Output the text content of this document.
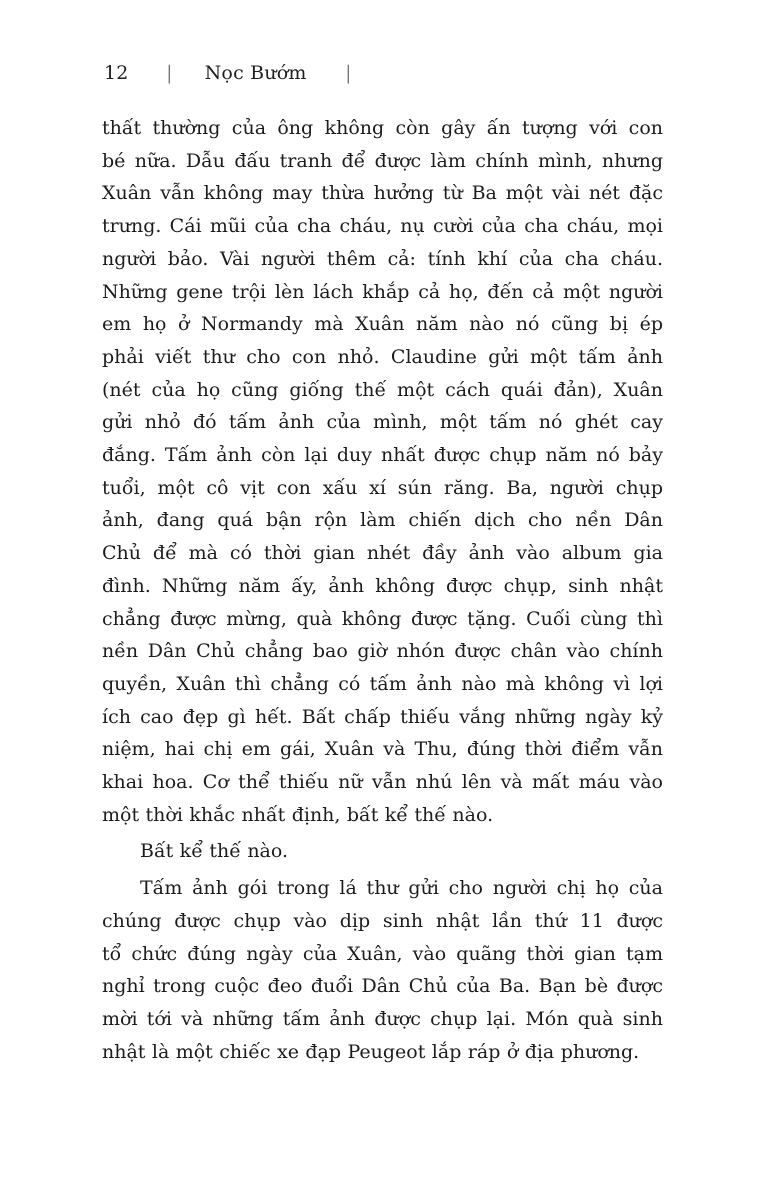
12 | Nọc Bướm |
thất thường của ông không còn gây ấn tượng với con
bé nữa. Dẫu đấu tranh để được làm chính mình, nhưng
Xuân vẫn không may thừa hưởng từ Ba một vài nét đặc
trưng. Cái mũi của cha cháu, nụ cười của cha cháu, mọi
người bảo. Vài người thêm cả: tính khí của cha cháu.
Những gene trội lèn lách khắp cả họ, đến cả một người
em họ ở Normandy mà Xuân năm nào nó cũng bị ép
phải viết thư cho con nhỏ. Claudine gửi một tấm ảnh
(nét của họ cũng giống thế một cách quái đản), Xuân
gửi nhỏ đó tấm ảnh của mình, một tấm nó ghét cay
đắng. Tấm ảnh còn lại duy nhất được chụp năm nó bảy
tuổi, một cô vịt con xấu xí sún răng. Ba, người chụp
ảnh, đang quá bận rộn làm chiến dịch cho nền Dân
Chủ để mà có thời gian nhét đầy ảnh vào album gia
đình. Những năm ấy, ảnh không được chụp, sinh nhật
chẳng được mừng, quà không được tặng. Cuối cùng thì
nền Dân Chủ chẳng bao giờ nhón được chân vào chính
quyền, Xuân thì chẳng có tấm ảnh nào mà không vì lợi
ích cao đẹp gì hết. Bất chấp thiếu vắng những ngày kỷ
niệm, hai chị em gái, Xuân và Thu, đúng thời điểm vẫn
khai hoa. Cơ thể thiếu nữ vẫn nhú lên và mất máu vào
một thời khắc nhất định, bất kể thế nào.
Bất kể thế nào.
Tấm ảnh gói trong lá thư gửi cho người chị họ của
chúng được chụp vào dịp sinh nhật lần thứ 11 được
tổ chức đúng ngày của Xuân, vào quãng thời gian tạm
nghỉ trong cuộc đeo đuổi Dân Chủ của Ba. Bạn bè được
mời tới và những tấm ảnh được chụp lại. Món quà sinh
nhật là một chiếc xe đạp Peugeot lắp ráp ở địa phương.
